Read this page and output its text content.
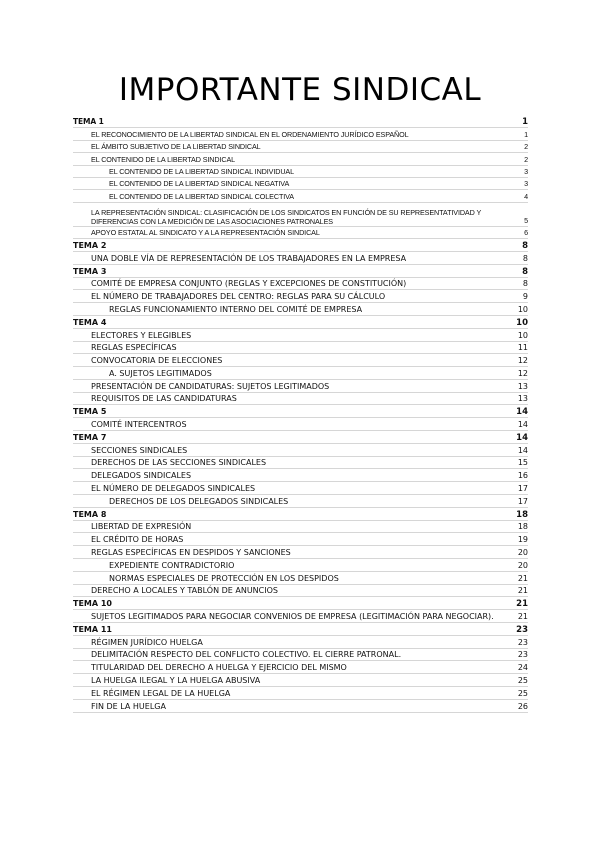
IMPORTANTE SINDICAL
TEMA 1	1
EL RECONOCIMIENTO DE LA LIBERTAD SINDICAL EN EL ORDENAMIENTO JURÍDICO ESPAÑOL	1
EL ÁMBITO SUBJETIVO DE LA LIBERTAD SINDICAL	2
EL CONTENIDO DE LA LIBERTAD SINDICAL	2
EL CONTENIDO DE LA LIBERTAD SINDICAL INDIVIDUAL	3
EL CONTENIDO DE LA LIBERTAD SINDICAL NEGATIVA	3
EL CONTENIDO DE LA LIBERTAD SINDICAL COLECTIVA	4
LA REPRESENTACIÓN SINDICAL: CLASIFICACIÓN DE LOS SINDICATOS EN FUNCIÓN DE SU REPRESENTATIVIDAD Y DIFERENCIAS CON LA MEDICIÓN DE LAS ASOCIACIONES PATRONALES	5
APOYO ESTATAL AL SINDICATO Y A LA REPRESENTACIÓN SINDICAL	6
TEMA 2	8
UNA DOBLE VÍA DE REPRESENTACIÓN DE LOS TRABAJADORES EN LA EMPRESA	8
TEMA 3	8
COMITÉ DE EMPRESA CONJUNTO (REGLAS Y EXCEPCIONES DE CONSTITUCIÓN)	8
EL NÚMERO DE TRABAJADORES DEL CENTRO: REGLAS PARA SU CÁLCULO	9
REGLAS FUNCIONAMIENTO INTERNO DEL COMITÉ DE EMPRESA	10
TEMA 4	10
ELECTORES Y ELEGIBLES	10
REGLAS ESPECÍFICAS	11
CONVOCATORIA DE ELECCIONES	12
A. SUJETOS LEGITIMADOS	12
PRESENTACIÓN DE CANDIDATURAS: SUJETOS LEGITIMADOS	13
REQUISITOS DE LAS CANDIDATURAS	13
TEMA 5	14
COMITÉ INTERCENTROS	14
TEMA 7	14
SECCIONES SINDICALES	14
DERECHOS DE LAS SECCIONES SINDICALES	15
DELEGADOS SINDICALES	16
EL NÚMERO DE DELEGADOS SINDICALES	17
DERECHOS DE LOS DELEGADOS SINDICALES	17
TEMA 8	18
LIBERTAD DE EXPRESIÓN	18
EL CRÉDITO DE HORAS	19
REGLAS ESPECÍFICAS EN DESPIDOS Y SANCIONES	20
EXPEDIENTE CONTRADICTORIO	20
NORMAS ESPECIALES DE PROTECCIÓN EN LOS DESPIDOS	21
DERECHO A LOCALES Y TABLÓN DE ANUNCIOS	21
TEMA 10	21
SUJETOS LEGITIMADOS PARA NEGOCIAR CONVENIOS DE EMPRESA (LEGITIMACIÓN PARA NEGOCIAR).	21
TEMA 11	23
RÉGIMEN JURÍDICO HUELGA	23
DELIMITACIÓN RESPECTO DEL CONFLICTO COLECTIVO. EL CIERRE PATRONAL.	23
TITULARIDAD DEL DERECHO A HUELGA Y EJERCICIO DEL MISMO	24
LA HUELGA ILEGAL Y LA HUELGA ABUSIVA	25
EL RÉGIMEN LEGAL DE LA HUELGA	25
FIN DE LA HUELGA	26
